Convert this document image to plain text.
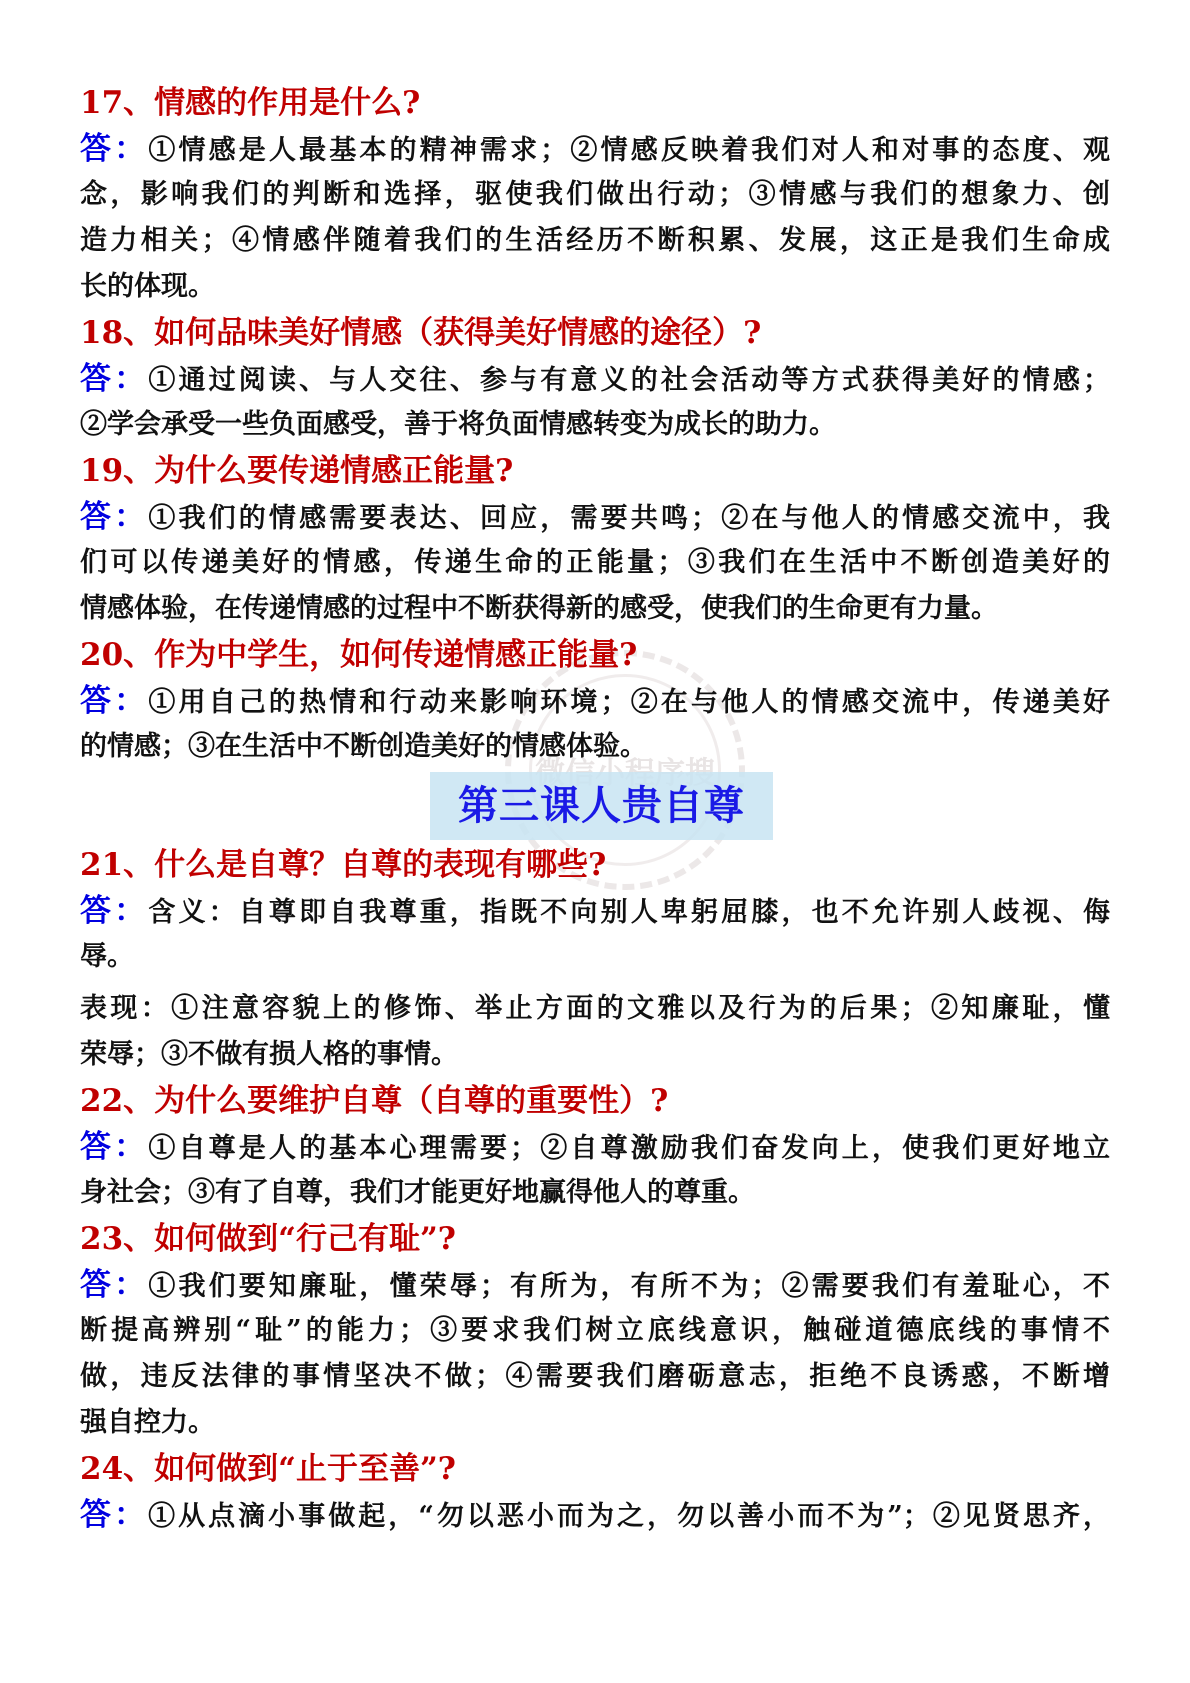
17、情感的作用是什么?
答：①情感是人最基本的精神需求；②情感反映着我们对人和对事的态度、观
念，影响我们的判断和选择，驱使我们做出行动；③情感与我们的想象力、创
造力相关；④情感伴随着我们的生活经历不断积累、发展，这正是我们生命成
长的体现。
18、如何品味美好情感（获得美好情感的途径）?
答：①通过阅读、与人交往、参与有意义的社会活动等方式获得美好的情感；
②学会承受一些负面感受，善于将负面情感转变为成长的助力。
19、为什么要传递情感正能量?
答：①我们的情感需要表达、回应，需要共鸣；②在与他人的情感交流中，我
们可以传递美好的情感，传递生命的正能量；③我们在生活中不断创造美好的
情感体验，在传递情感的过程中不断获得新的感受，使我们的生命更有力量。
20、作为中学生，如何传递情感正能量?
答：①用自己的热情和行动来影响环境；②在与他人的情感交流中，传递美好
的情感；③在生活中不断创造美好的情感体验。
第三课人贵自尊
21、什么是自尊？自尊的表现有哪些?
答：含义：自尊即自我尊重，指既不向别人卑躬屈膝，也不允许别人歧视、侮
辱。
表现：①注意容貌上的修饰、举止方面的文雅以及行为的后果；②知廉耻，懂
荣辱；③不做有损人格的事情。
22、为什么要维护自尊（自尊的重要性）?
答：①自尊是人的基本心理需要；②自尊激励我们奋发向上，使我们更好地立
身社会；③有了自尊，我们才能更好地赢得他人的尊重。
23、如何做到“行己有耻”?
答：①我们要知廉耻，懂荣辱；有所为，有所不为；②需要我们有羞耻心，不
断提高辨别“耻”的能力；③要求我们树立底线意识，触碰道德底线的事情不
做，违反法律的事情坚决不做；④需要我们磨砺意志，拒绝不良诱惑，不断增
强自控力。
24、如何做到“止于至善”?
答：①从点滴小事做起，“勿以恶小而为之，勿以善小而不为”；②见贤思齐，
